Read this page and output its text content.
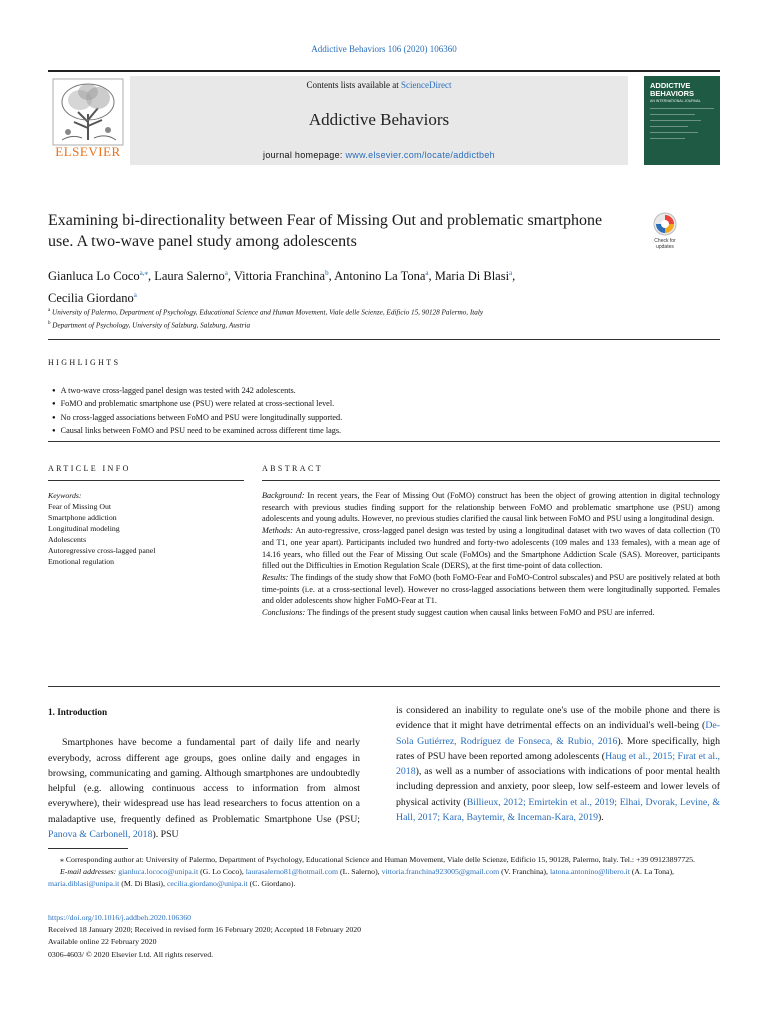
Addictive Behaviors 106 (2020) 106360
ELSEVIER
Contents lists available at ScienceDirect
Addictive Behaviors
journal homepage: www.elsevier.com/locate/addictbeh
ADDICTIVE
BEHAVIORS
AN INTERNATIONAL JOURNAL
Examining bi-directionality between Fear of Missing Out and problematic smartphone use. A two-wave panel study among adolescents	Check for
updates
Gianluca Lo Coco$^{a,⁎}$, Laura Salerno$^a$, Vittoria Franchina$^b$, Antonino La Tona$^a$, Maria Di Blasi$^a$,
Cecilia Giordano$^a$
$^a$ University of Palermo, Department of Psychology, Educational Science and Human Movement, Viale delle Scienze, Edificio 15, 90128 Palermo, Italy
$^b$ Department of Psychology, University of Salzburg, Salzburg, Austria
HIGHLIGHTS
● A two-wave cross-lagged panel design was tested with 242 adolescents.
● FoMO and problematic smartphone use (PSU) were related at cross-sectional level.
● No cross-lagged associations between FoMO and PSU were longitudinally supported.
● Causal links between FoMO and PSU need to be examined across different time lags.
ARTICLE INFO	ABSTRACT
Keywords:
Fear of Missing Out
Smartphone addiction
Longitudinal modeling
Adolescents
Autoregressive cross-lagged panel
Emotional regulation
Background: In recent years, the Fear of Missing Out (FoMO) construct has been the object of growing attention in digital technology research with previous studies finding support for the relationship between FoMO and problematic smartphone use (PSU) among adolescents and young adults. However, no previous studies clarified the causal link between FoMO and PSU using a longitudinal design.
Methods: An auto-regressive, cross-lagged panel design was tested by using a longitudinal dataset with two waves of data collection (T0 and T1, one year apart). Participants included two hundred and forty-two adolescents (109 males and 133 females), with a mean age of 14.16 years, who filled out the Fear of Missing Out scale (FoMOs) and the Smartphone Addiction Scale (SAS). Moreover, participants filled out the Difficulties in Emotion Regulation Scale (DERS), at the first time-point of data collection.
Results: The findings of the study show that FoMO (both FoMO-Fear and FoMO-Control subscales) and PSU are positively related at both time-points (i.e. at a cross-sectional level). However no cross-lagged associations between them were longitudinally supported. Females and older adolescents show higher FoMO-Fear at T1.
Conclusions: The findings of the present study suggest caution when causal links between FoMO and PSU are inferred.
1. Introduction

Smartphones have become a fundamental part of daily life and nearly everybody, across different age groups, goes online daily and engages in browsing, communicating and gaming. Although smartphones are undoubtedly helpful (e.g. allowing continuous access to information from almost everywhere), their widespread use has lead researchers to focus attention on a maladaptive use, frequently defined as Problematic Smartphone Use (PSU; Panova & Carbonell, 2018). PSU

is considered an inability to regulate one's use of the mobile phone and there is evidence that it might have detrimental effects on an individual's well-being (De-Sola Gutiérrez, Rodríguez de Fonseca, & Rubio, 2016). More specifically, high rates of PSU have been reported among adolescents (Haug et al., 2015; Fırat et al., 2018), as well as a number of associations with indications of poor mental health including depression and anxiety, poor sleep, low self-esteem and lower levels of physical activity (Billieux, 2012; Emirtekin et al., 2019; Elhai, Dvorak, Levine, & Hall, 2017; Kara, Baytemir, & Inceman-Kara, 2019).

⁎ Corresponding author at: University of Palermo, Department of Psychology, Educational Science and Human Movement, Viale delle Scienze, Edificio 15, 90128, Palermo, Italy. Tel.: +39 09123897725.
E-mail addresses: gianluca.lococo@unipa.it (G. Lo Coco), laurasalerno81@hotmail.com (L. Salerno), vittoria.franchina923005@gmail.com (V. Franchina), latona.antonino@libero.it (A. La Tona), maria.diblasi@unipa.it (M. Di Blasi), cecilia.giordano@unipa.it (C. Giordano).
https://doi.org/10.1016/j.addbeh.2020.106360
Received 18 January 2020; Received in revised form 16 February 2020; Accepted 18 February 2020
Available online 22 February 2020
0306-4603/ © 2020 Elsevier Ltd. All rights reserved.
